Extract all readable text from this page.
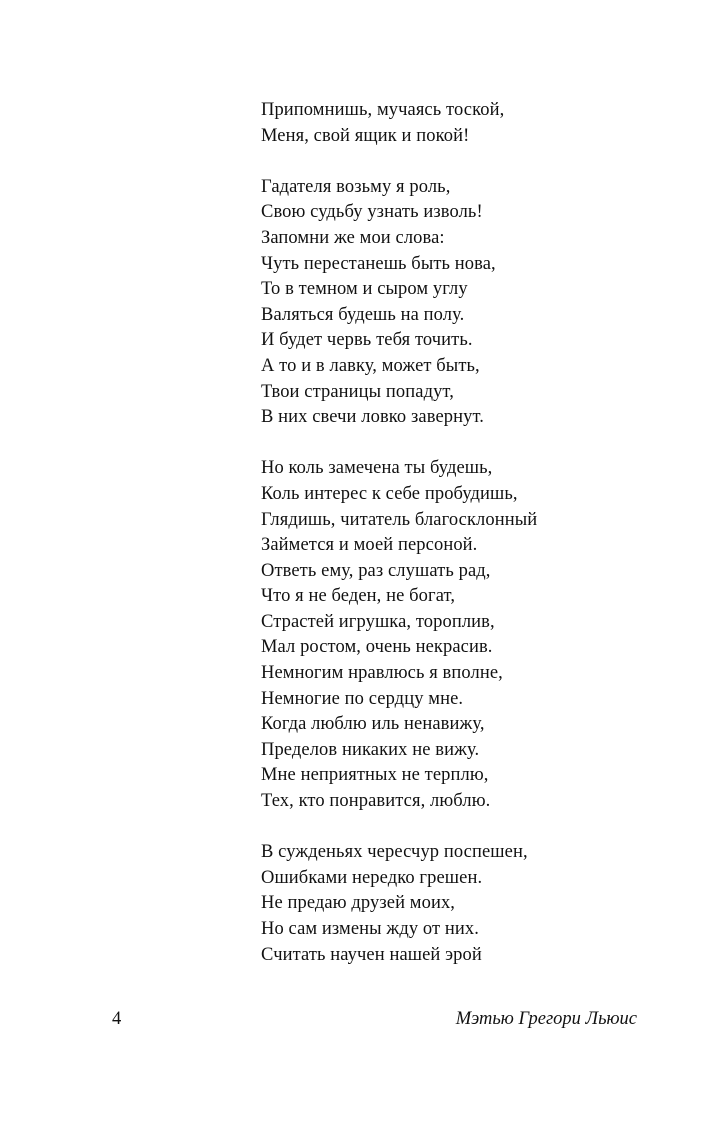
Припомнишь, мучаясь тоской,
Меня, свой ящик и покой!
Гадателя возьму я роль,
Свою судьбу узнать изволь!
Запомни же мои слова:
Чуть перестанешь быть нова,
То в темном и сыром углу
Валяться будешь на полу.
И будет червь тебя точить.
А то и в лавку, может быть,
Твои страницы попадут,
В них свечи ловко завернут.
Но коль замечена ты будешь,
Коль интерес к себе пробудишь,
Глядишь, читатель благосклонный
Займется и моей персоной.
Ответь ему, раз слушать рад,
Что я не беден, не богат,
Страстей игрушка, тороплив,
Мал ростом, очень некрасив.
Немногим нравлюсь я вполне,
Немногие по сердцу мне.
Когда люблю иль ненавижу,
Пределов никаких не вижу.
Мне неприятных не терплю,
Тех, кто понравится, люблю.
В сужденьях чересчур поспешен,
Ошибками нередко грешен.
Не предаю друзей моих,
Но сам измены жду от них.
Считать научен нашей эрой
4	Мэтью Грегори Льюис
